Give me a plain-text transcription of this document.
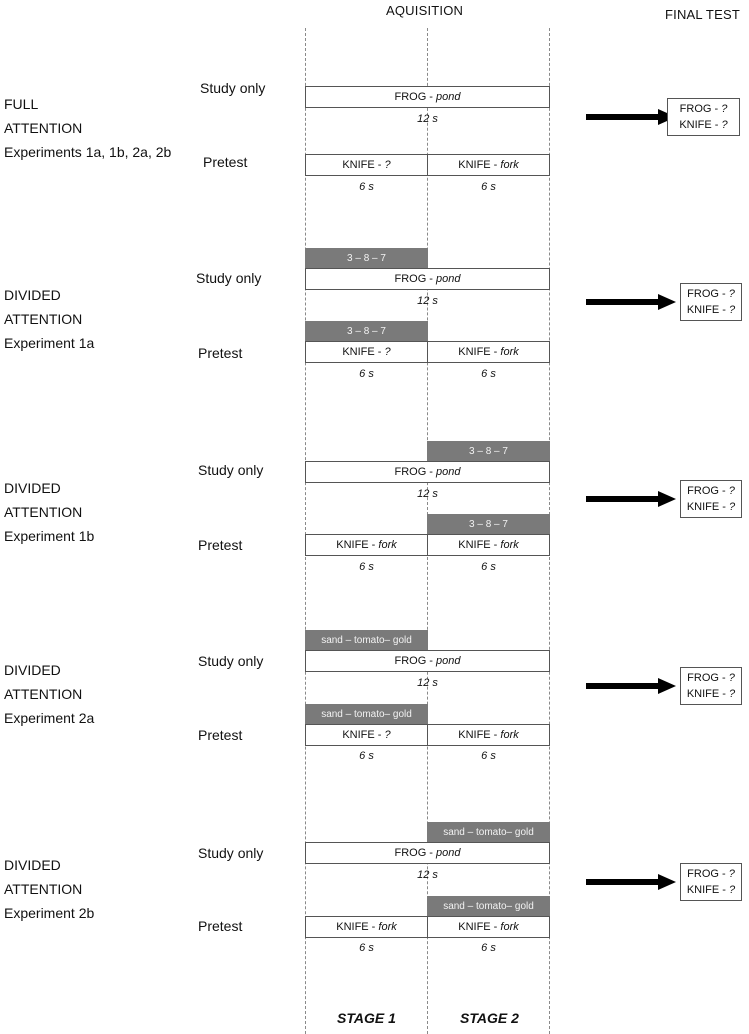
AQUISITION	FINAL TEST
FULL
ATTENTION
Experiments 1a, 1b, 2a, 2b
Study only
FROG -
pond
12 s
Pretest	KNIFE -
?	KNIFE -
fork
6 s	6 s
FROG - ?
KNIFE - ?
DIVIDED
ATTENTION
Experiment 1a
3 – 8 – 7
Study only	FROG -
pond
12 s
3 – 8 – 7
Pretest	KNIFE -
?	KNIFE -
fork
6 s	6 s
FROG - ?
KNIFE - ?
DIVIDED
ATTENTION
Experiment 1b
3 – 8 – 7
Study only	FROG -
pond
12 s
3 – 8 – 7
Pretest	KNIFE -
fork	KNIFE -
fork
6 s	6 s
FROG - ?
KNIFE - ?
DIVIDED
ATTENTION
Experiment 2a
sand – tomato– gold
Study only	FROG -
pond
12 s
sand – tomato– gold
Pretest	KNIFE -
?	KNIFE -
fork
6 s	6 s
FROG - ?
KNIFE - ?
DIVIDED
ATTENTION
Experiment 2b
sand – tomato– gold
Study only	FROG -
pond
12 s
sand – tomato– gold
Pretest	KNIFE -
fork	KNIFE -
fork
6 s	6 s
FROG - ?
KNIFE - ?
STAGE 1	STAGE 2
